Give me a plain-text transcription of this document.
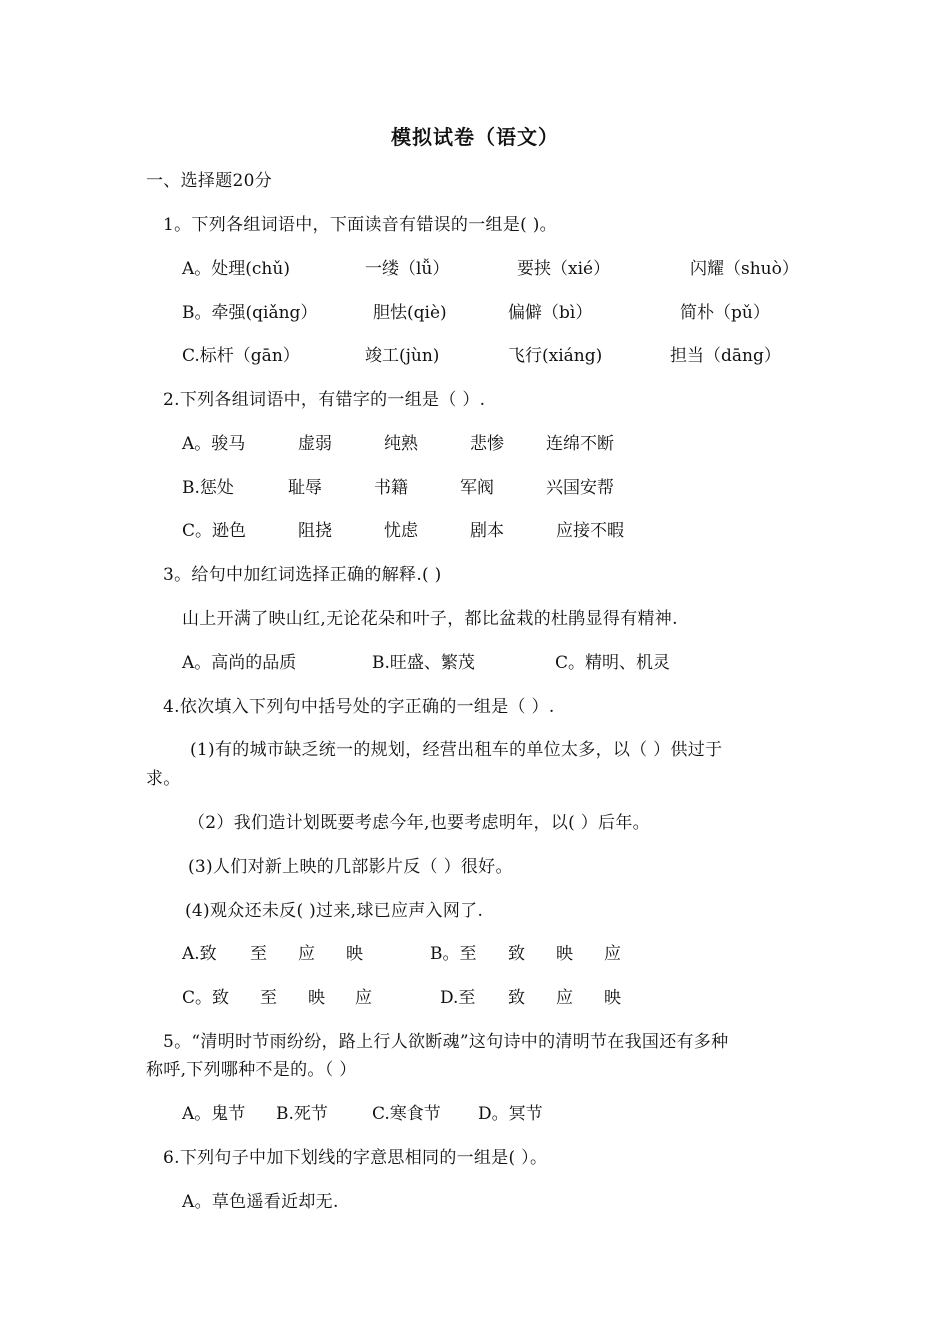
模拟试卷（语文）
一、选择题20分
1。下列各组词语中，下面读音有错误的一组是( )。
A。处理(chǔ)	一缕（lǚ）	要挟（xié）	闪耀（shuò）
B。牵强(qiǎng）	胆怯(qiè)	偏僻（bì）	简朴（pǔ）
C.标杆（gān）	竣工(jùn)	飞行(xiáng)	担当（dāng）
2.下列各组词语中，有错字的一组是（ ）.
A。骏马	虚弱	纯熟	悲惨 连绵不断
B.惩处	耻辱	书籍	军阀	兴国安帮
C。逊色	阻挠	忧虑	剧本	应接不暇
3。给句中加红词选择正确的解释.( )
山上开满了映山红,无论花朵和叶子，都比盆栽的杜鹃显得有精神.
A。高尚的品质	B.旺盛、繁茂	C。精明、机灵
4.依次填入下列句中括号处的字正确的一组是（ ）.
(1)有的城市缺乏统一的规划，经营出租车的单位太多，以（ ）供过于
求。
（2）我们造计划既要考虑今年,也要考虑明年，以( ）后年。
(3)人们对新上映的几部影片反（ ）很好。
(4)观众还未反( )过来,球已应声入网了.
A.致 至 应 映	B。至 致 映 应
C。致 至 映 应	D.至 致 应 映
5。“清明时节雨纷纷，路上行人欲断魂”这句诗中的清明节在我国还有多种
称呼,下列哪种不是的。（ ）
A。鬼节 B.死节	C.寒食节 D。冥节
6.下列句子中加下划线的字意思相同的一组是( ）。
A。草色遥看近却无.
